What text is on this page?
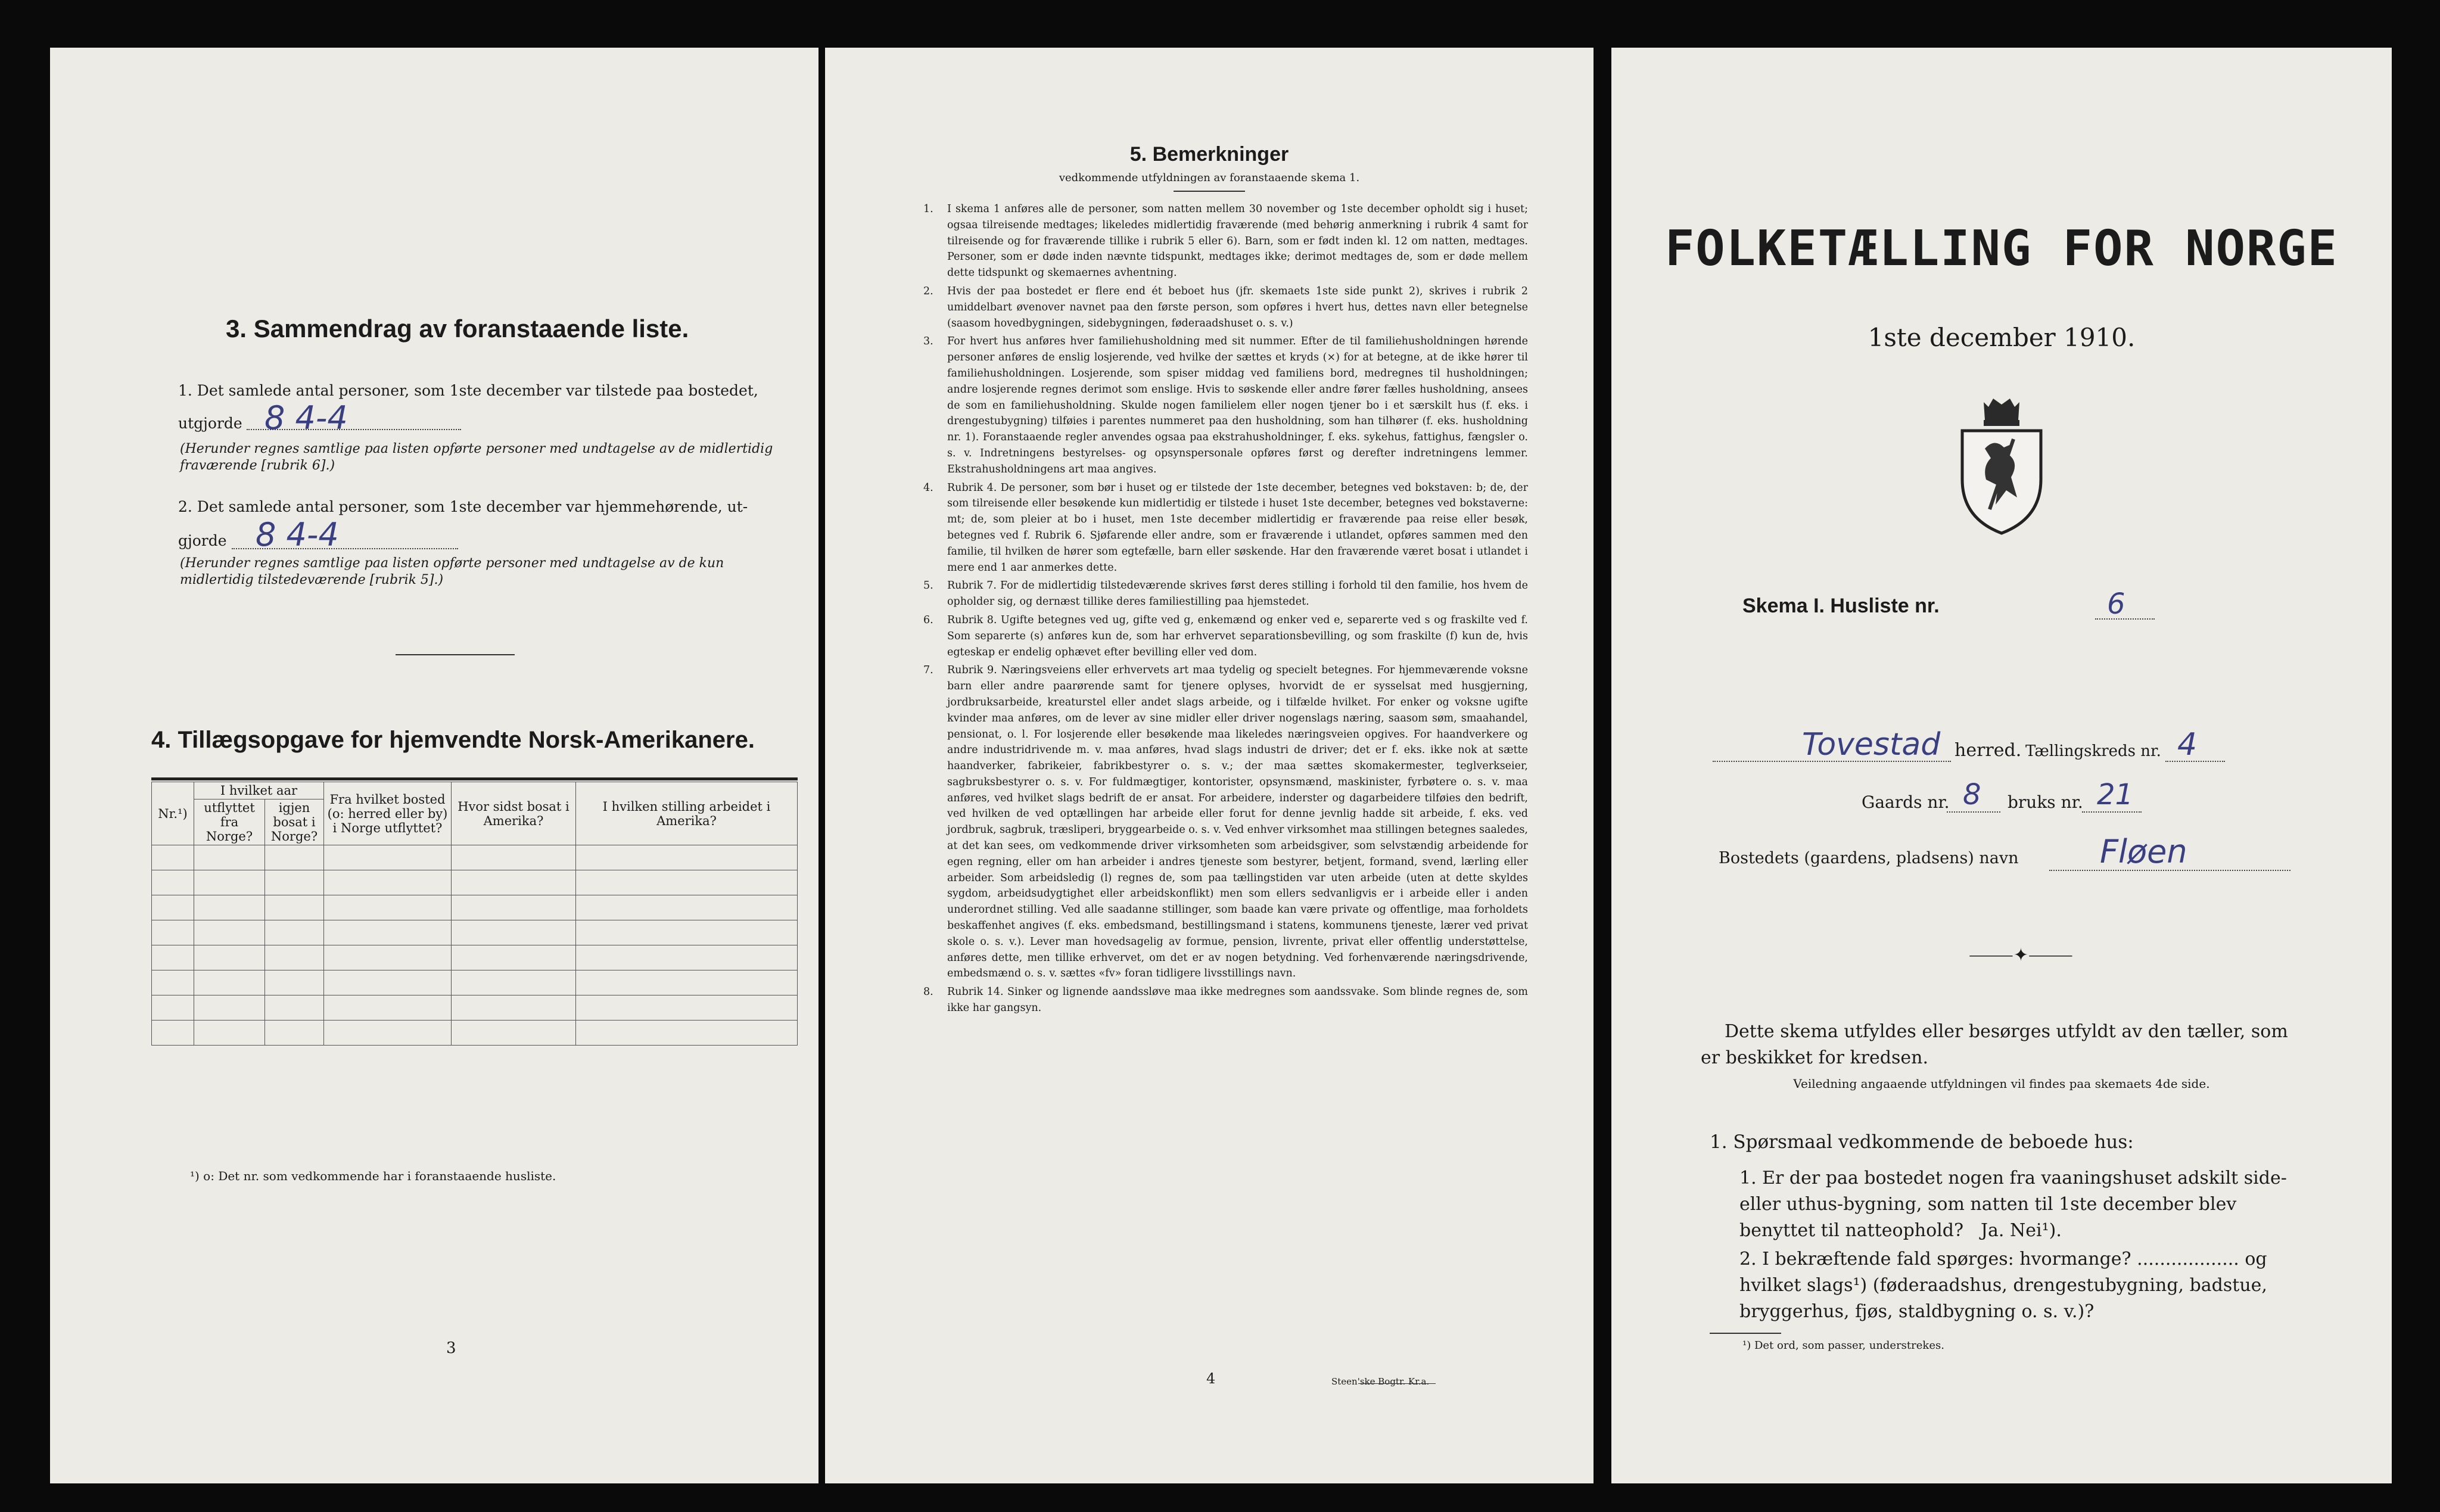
3. Sammendrag av foranstaaende liste.
1. Det samlede antal personer, som 1ste december var tilstede paa bostedet,
utgjorde 8 4-4
(Herunder regnes samtlige paa listen opførte personer med undtagelse av de midlertidig fraværende [rubrik 6].)
2. Det samlede antal personer, som 1ste december var hjemmehørende, ut-
gjorde 8 4-4
(Herunder regnes samtlige paa listen opførte personer med undtagelse av de kun midlertidig tilstedeværende [rubrik 5].)
4. Tillægsopgave for hjemvendte Norsk-Amerikanere.
Nr.¹)	I hvilket aar		Fra hvilket bosted (o: herred eller by) i Norge utflyttet?	Hvor sidst bosat i Amerika?	I hvilken stilling arbeidet i Amerika?
	utflyttet fra Norge?	igjen bosat i Norge?			

¹) o: Det nr. som vedkommende har i foranstaaende husliste.
3
5. Bemerkninger
vedkommende utfyldningen av foranstaaende skema 1.
1. I skema 1 anføres alle de personer, som natten mellem 30 november og 1ste december opholdt sig i huset; ogsaa tilreisende medtages; likeledes midlertidig fraværende (med behørig anmerkning i rubrik 4 samt for tilreisende og for fraværende tillike i rubrik 5 eller 6). Barn, som er født inden kl. 12 om natten, medtages. Personer, som er døde inden nævnte tidspunkt, medtages ikke; derimot medtages de, som er døde mellem dette tidspunkt og skemaernes avhentning.
2. Hvis der paa bostedet er flere end ét beboet hus (jfr. skemaets 1ste side punkt 2), skrives i rubrik 2 umiddelbart øvenover navnet paa den første person, som opføres i hvert hus, dettes navn eller betegnelse (saasom hovedbygningen, sidebygningen, føderaadshuset o. s. v.)
3. For hvert hus anføres hver familiehusholdning med sit nummer. Efter de til familiehusholdningen hørende personer anføres de enslig losjerende, ved hvilke der sættes et kryds (×) for at betegne, at de ikke hører til familiehusholdningen. Losjerende, som spiser middag ved familiens bord, medregnes til husholdningen; andre losjerende regnes derimot som enslige. Hvis to søskende eller andre fører fælles husholdning, ansees de som en familiehusholdning. Skulde nogen familielem eller nogen tjener bo i et særskilt hus (f. eks. i drengestubygning) tilføies i parentes nummeret paa den husholdning, som han tilhører (f. eks. husholdning nr. 1). Foranstaaende regler anvendes ogsaa paa ekstrahusholdninger, f. eks. sykehus, fattighus, fængsler o. s. v. Indretningens bestyrelses- og opsynspersonale opføres først og derefter indretningens lemmer. Ekstrahusholdningens art maa angives.
4. Rubrik 4. De personer, som bør i huset og er tilstede der 1ste december, betegnes ved bokstaven: b; de, der som tilreisende eller besøkende kun midlertidig er tilstede i huset 1ste december, betegnes ved bokstaverne: mt; de, som pleier at bo i huset, men 1ste december midlertidig er fraværende paa reise eller besøk, betegnes ved f. Rubrik 6. Sjøfarende eller andre, som er fraværende i utlandet, opføres sammen med den familie, til hvilken de hører som egtefælle, barn eller søskende. Har den fraværende været bosat i utlandet i mere end 1 aar anmerkes dette.
5. Rubrik 7. For de midlertidig tilstedeværende skrives først deres stilling i forhold til den familie, hos hvem de opholder sig, og dernæst tillike deres familiestilling paa hjemstedet.
6. Rubrik 8. Ugifte betegnes ved ug, gifte ved g, enkemænd og enker ved e, separerte ved s og fraskilte ved f. Som separerte (s) anføres kun de, som har erhvervet separationsbevilling, og som fraskilte (f) kun de, hvis egteskap er endelig ophævet efter bevilling eller ved dom.
7. Rubrik 9. Næringsveiens eller erhvervets art maa tydelig og specielt betegnes. For hjemmeværende voksne barn eller andre paarørende samt for tjenere oplyses, hvorvidt de er sysselsat med husgjerning, jordbruksarbeide, kreaturstel eller andet slags arbeide, og i tilfælde hvilket. For enker og voksne ugifte kvinder maa anføres, om de lever av sine midler eller driver nogenslags næring, saasom søm, smaahandel, pensionat, o. l. For losjerende eller besøkende maa likeledes næringsveien opgives. For haandverkere og andre industridrivende m. v. maa anføres, hvad slags industri de driver; det er f. eks. ikke nok at sætte haandverker, fabrikeier, fabrikbestyrer o. s. v.; der maa sættes skomakermester, teglverkseier, sagbruksbestyrer o. s. v. For fuldmægtiger, kontorister, opsynsmænd, maskinister, fyrbøtere o. s. v. maa anføres, ved hvilket slags bedrift de er ansat. For arbeidere, inderster og dagarbeidere tilføies den bedrift, ved hvilken de ved optællingen har arbeide eller forut for denne jevnlig hadde sit arbeide, f. eks. ved jordbruk, sagbruk, træsliperi, bryggearbeide o. s. v. Ved enhver virksomhet maa stillingen betegnes saaledes, at det kan sees, om vedkommende driver virksomheten som arbeidsgiver, som selvstændig arbeidende for egen regning, eller om han arbeider i andres tjeneste som bestyrer, betjent, formand, svend, lærling eller arbeider. Som arbeidsledig (l) regnes de, som paa tællingstiden var uten arbeide (uten at dette skyldes sygdom, arbeidsudygtighet eller arbeidskonflikt) men som ellers sedvanligvis er i arbeide eller i anden underordnet stilling. Ved alle saadanne stillinger, som baade kan være private og offentlige, maa forholdets beskaffenhet angives (f. eks. embedsmand, bestillingsmand i statens, kommunens tjeneste, lærer ved privat skole o. s. v.). Lever man hovedsagelig av formue, pension, livrente, privat eller offentlig understøttelse, anføres dette, men tillike erhvervet, om det er av nogen betydning. Ved forhenværende næringsdrivende, embedsmænd o. s. v. sættes «fv» foran tidligere livsstillings navn.
8. Rubrik 14. Sinker og lignende aandssløve maa ikke medregnes som aandssvake. Som blinde regnes de, som ikke har gangsyn.
4	Steen'ske Bogtr. Kr.a.
FOLKETÆLLING FOR NORGE
1ste december 1910.
Skema I. Husliste nr.	6
Tovestad herred. Tællingskreds nr. 4
Gaards nr. 8 bruks nr. 21
Bostedets (gaardens, pladsens) navn	Fløen
⸻✦⸻
Dette skema utfyldes eller besørges utfyldt av den tæller, som er beskikket for kredsen.
Veiledning angaaende utfyldningen vil findes paa skemaets 4de side.
1. Spørsmaal vedkommende de beboede hus:
1. Er der paa bostedet nogen fra vaaningshuset adskilt side- eller uthus-bygning, som natten til 1ste december blev benyttet til natteophold? Ja. Nei¹).
2. I bekræftende fald spørges: hvormange? .................. og hvilket slags¹) (føderaadshus, drengestubygning, badstue, bryggerhus, fjøs, staldbygning o. s. v.)?
¹) Det ord, som passer, understrekes.
